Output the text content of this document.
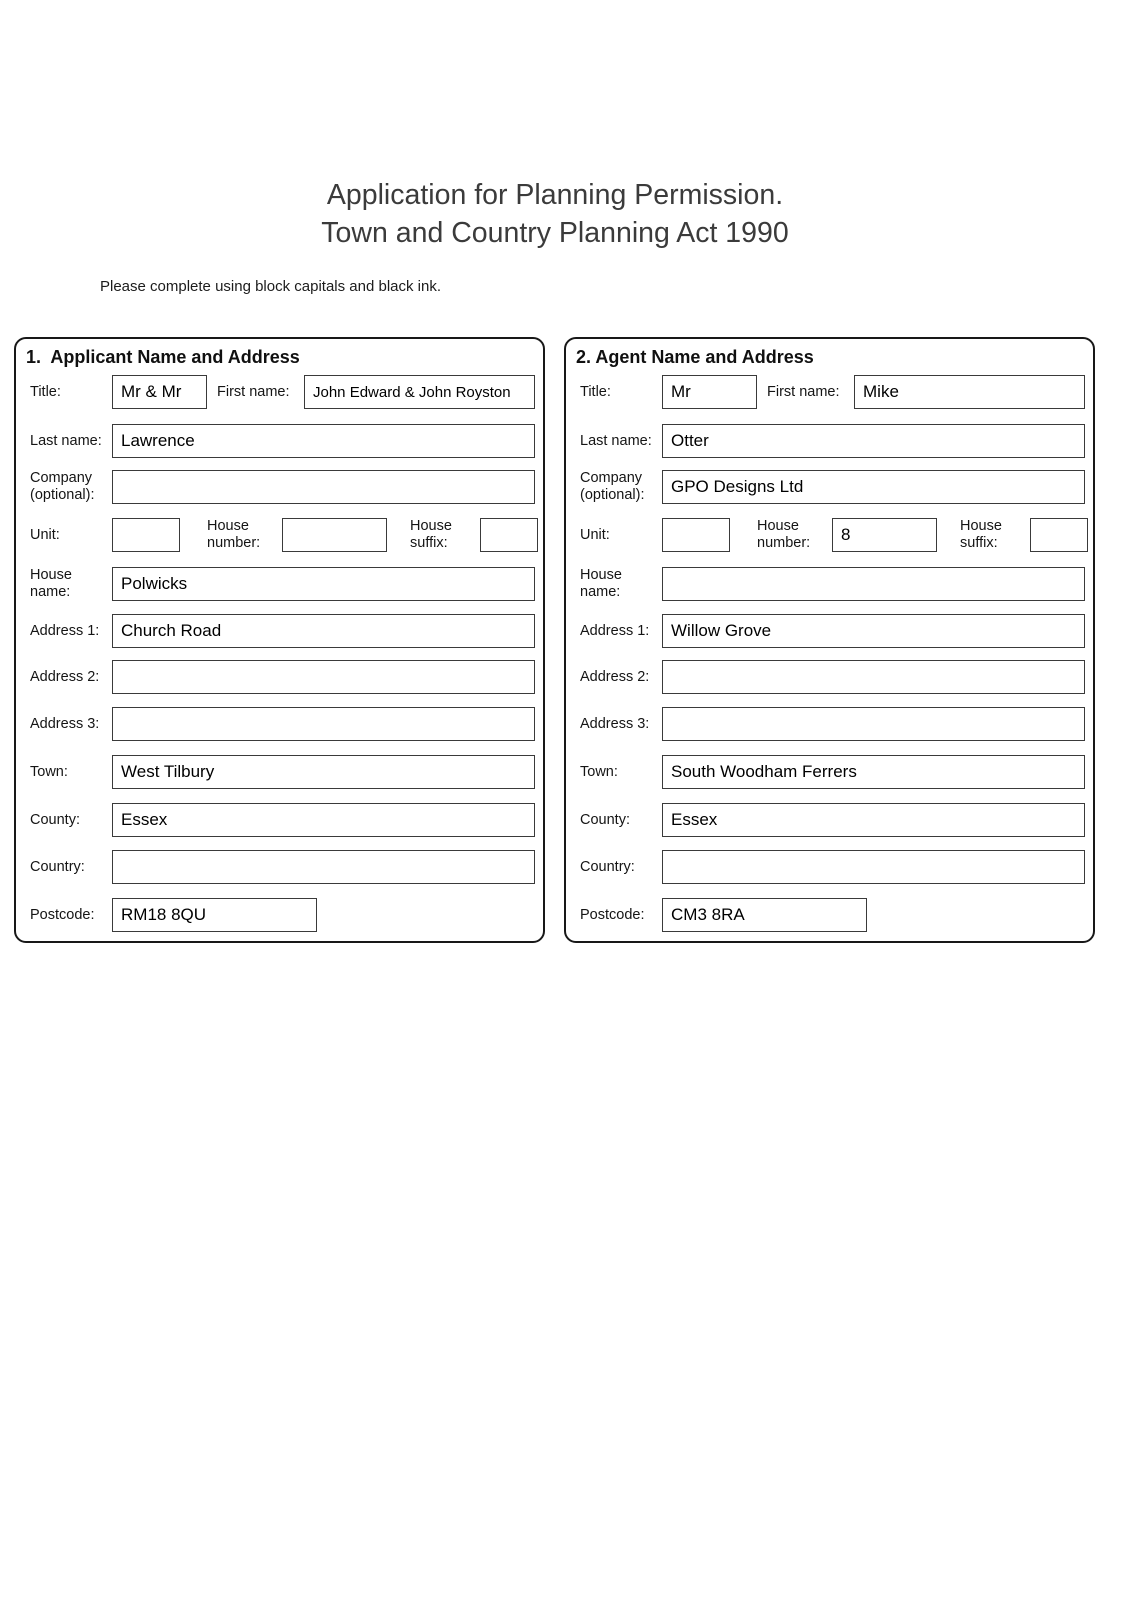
Application for Planning Permission.
Town and Country Planning Act 1990
Please complete using block capitals and black ink.
1.  Applicant Name and Address
Title:	Mr & Mr	First name:	John Edward & John Royston
Last name:	Lawrence
Company (optional):
Unit:
House number:
House suffix:
House name:	Polwicks
Address 1:	Church Road
Address 2:
Address 3:
Town:	West Tilbury
County:	Essex
Country:
Postcode:	RM18 8QU
2. Agent Name and Address
Title:	Mr	First name:	Mike
Last name:	Otter
Company (optional):	GPO Designs Ltd
Unit:
House number:	8	House suffix:
House name:
Address 1:	Willow Grove
Address 2:
Address 3:
Town:	South Woodham Ferrers
County:	Essex
Country:
Postcode:	CM3 8RA
